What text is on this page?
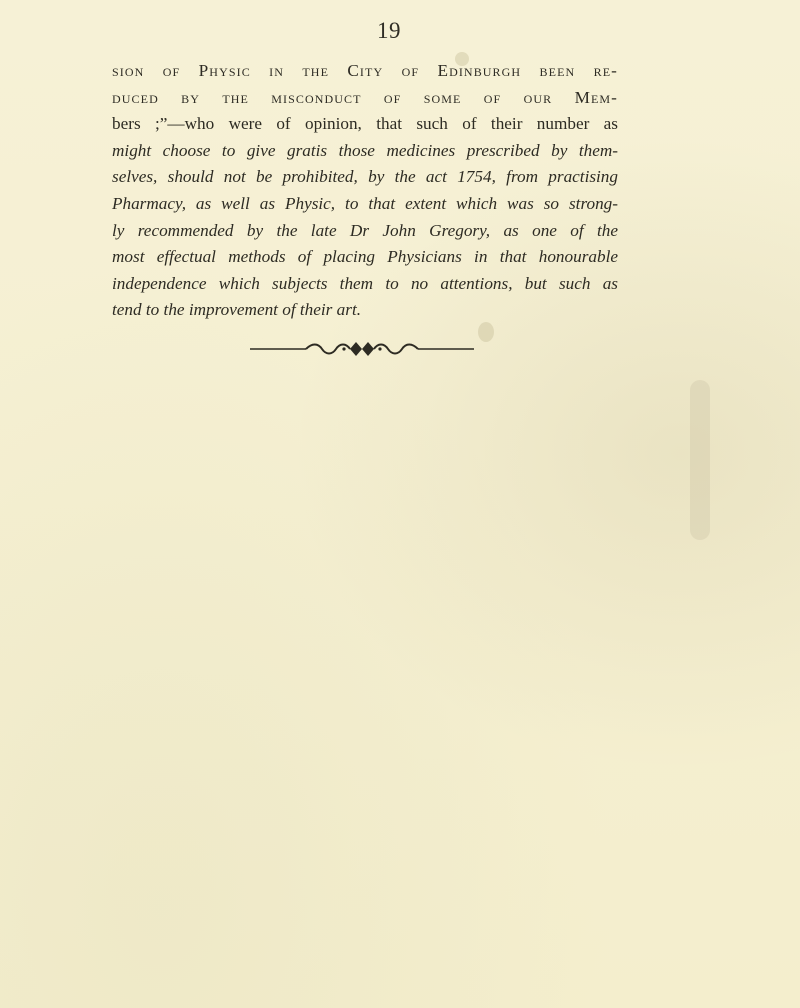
19
sion of Physic in the City of Edinburgh been re-
duced by the misconduct of some of our Mem-
bers ;”—who were of opinion, that such of their number as
might choose to give gratis those medicines prescribed by them-
selves, should not be prohibited, by the act 1754, from practising
Pharmacy, as well as Physic, to that extent which was so strong-
ly recommended by the late Dr John Gregory, as one of the
most effectual methods of placing Physicians in that honourable
independence which subjects them to no attentions, but such as
tend to the improvement of their art.
